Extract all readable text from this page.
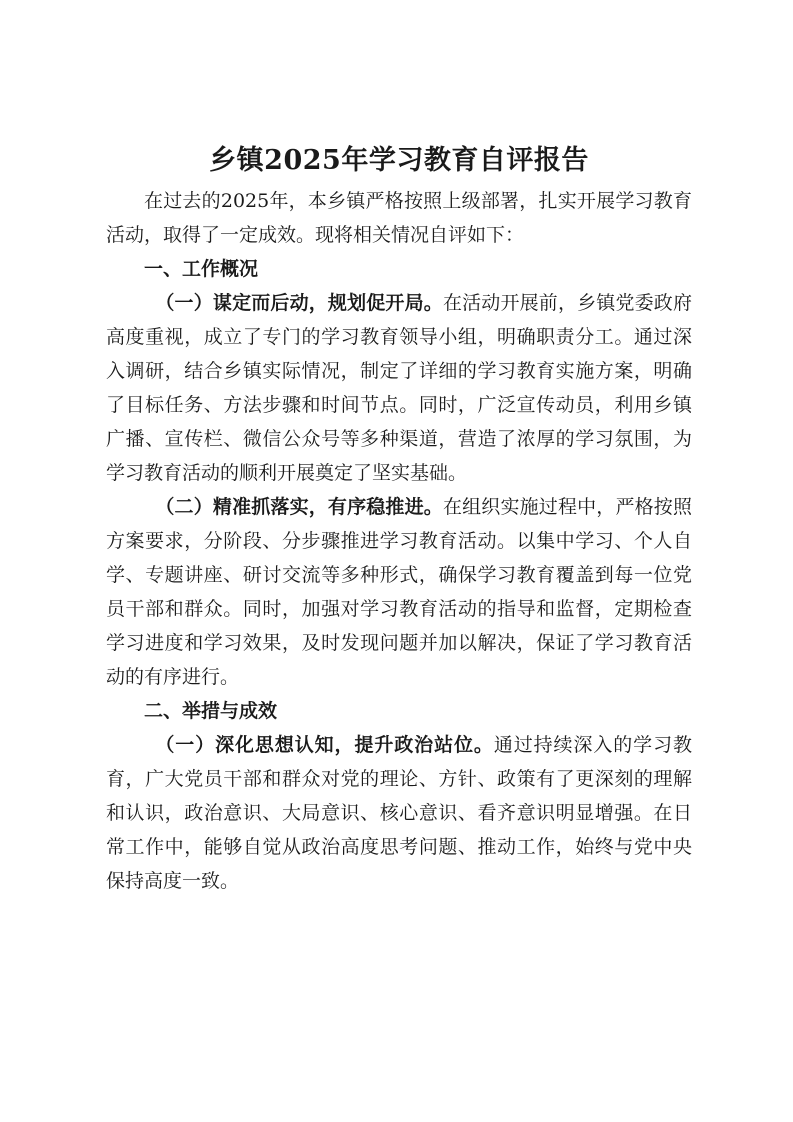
乡镇2025年学习教育自评报告

在过去的2025年，本乡镇严格按照上级部署，扎实开展学习教育活动，取得了一定成效。现将相关情况自评如下：

一、工作概况

（一）谋定而后动，规划促开局。在活动开展前，乡镇党委政府高度重视，成立了专门的学习教育领导小组，明确职责分工。通过深入调研，结合乡镇实际情况，制定了详细的学习教育实施方案，明确了目标任务、方法步骤和时间节点。同时，广泛宣传动员，利用乡镇广播、宣传栏、微信公众号等多种渠道，营造了浓厚的学习氛围，为学习教育活动的顺利开展奠定了坚实基础。

（二）精准抓落实，有序稳推进。在组织实施过程中，严格按照方案要求，分阶段、分步骤推进学习教育活动。以集中学习、个人自学、专题讲座、研讨交流等多种形式，确保学习教育覆盖到每一位党员干部和群众。同时，加强对学习教育活动的指导和监督，定期检查学习进度和学习效果，及时发现问题并加以解决，保证了学习教育活动的有序进行。

二、举措与成效

（一）深化思想认知，提升政治站位。通过持续深入的学习教育，广大党员干部和群众对党的理论、方针、政策有了更深刻的理解和认识，政治意识、大局意识、核心意识、看齐意识明显增强。在日常工作中，能够自觉从政治高度思考问题、推动工作，始终与党中央保持高度一致。
